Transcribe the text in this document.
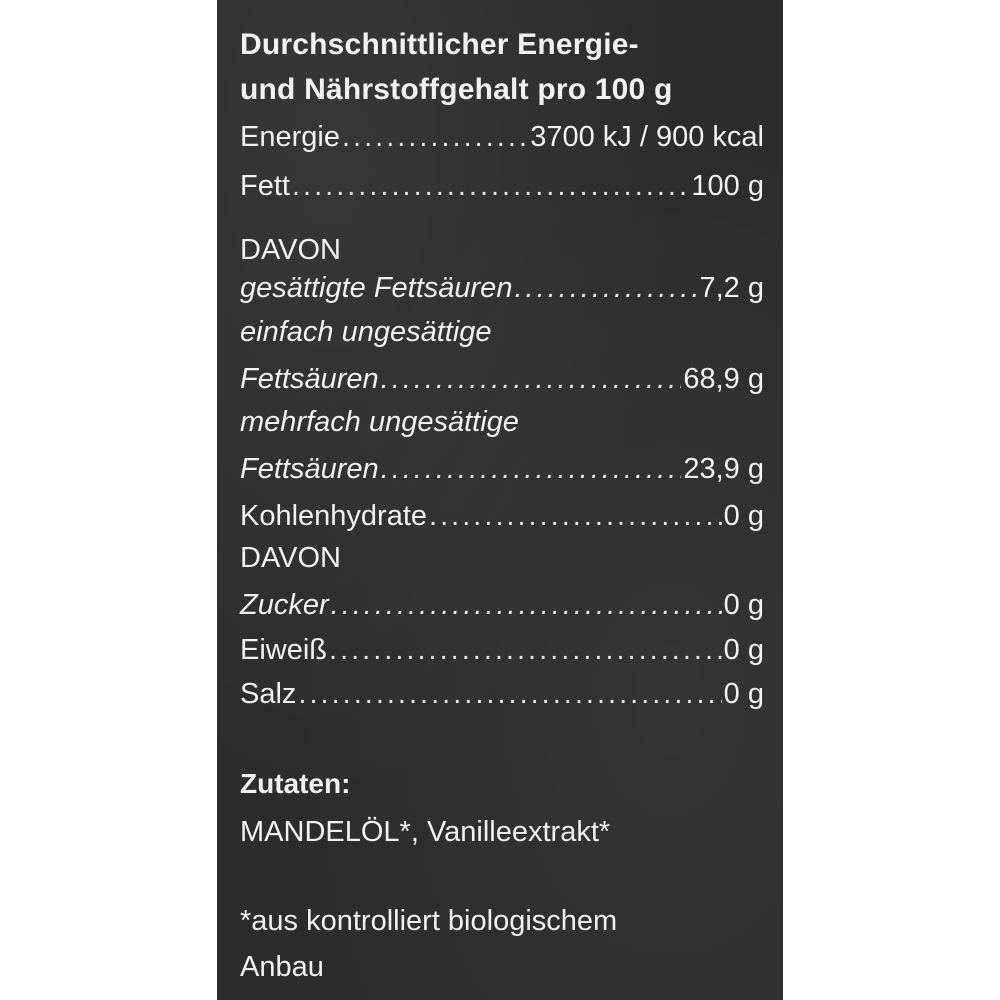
Durchschnittlicher Energie-
und Nährstoffgehalt pro 100 g
Energie .....	3700 kJ / 900 kcal
Fett .....	100 g
DAVON
gesättigte Fettsäuren .....	7,2 g
einfach ungesättige
Fettsäuren .....	68,9 g
mehrfach ungesättige
Fettsäuren .....	23,9 g
Kohlenhydrate .....	0 g
DAVON
Zucker .....	0 g
Eiweiß .....	0 g
Salz .....	0 g
Zutaten:
MANDELÖL*, Vanilleextrakt*
*aus kontrolliert biologischem
Anbau
